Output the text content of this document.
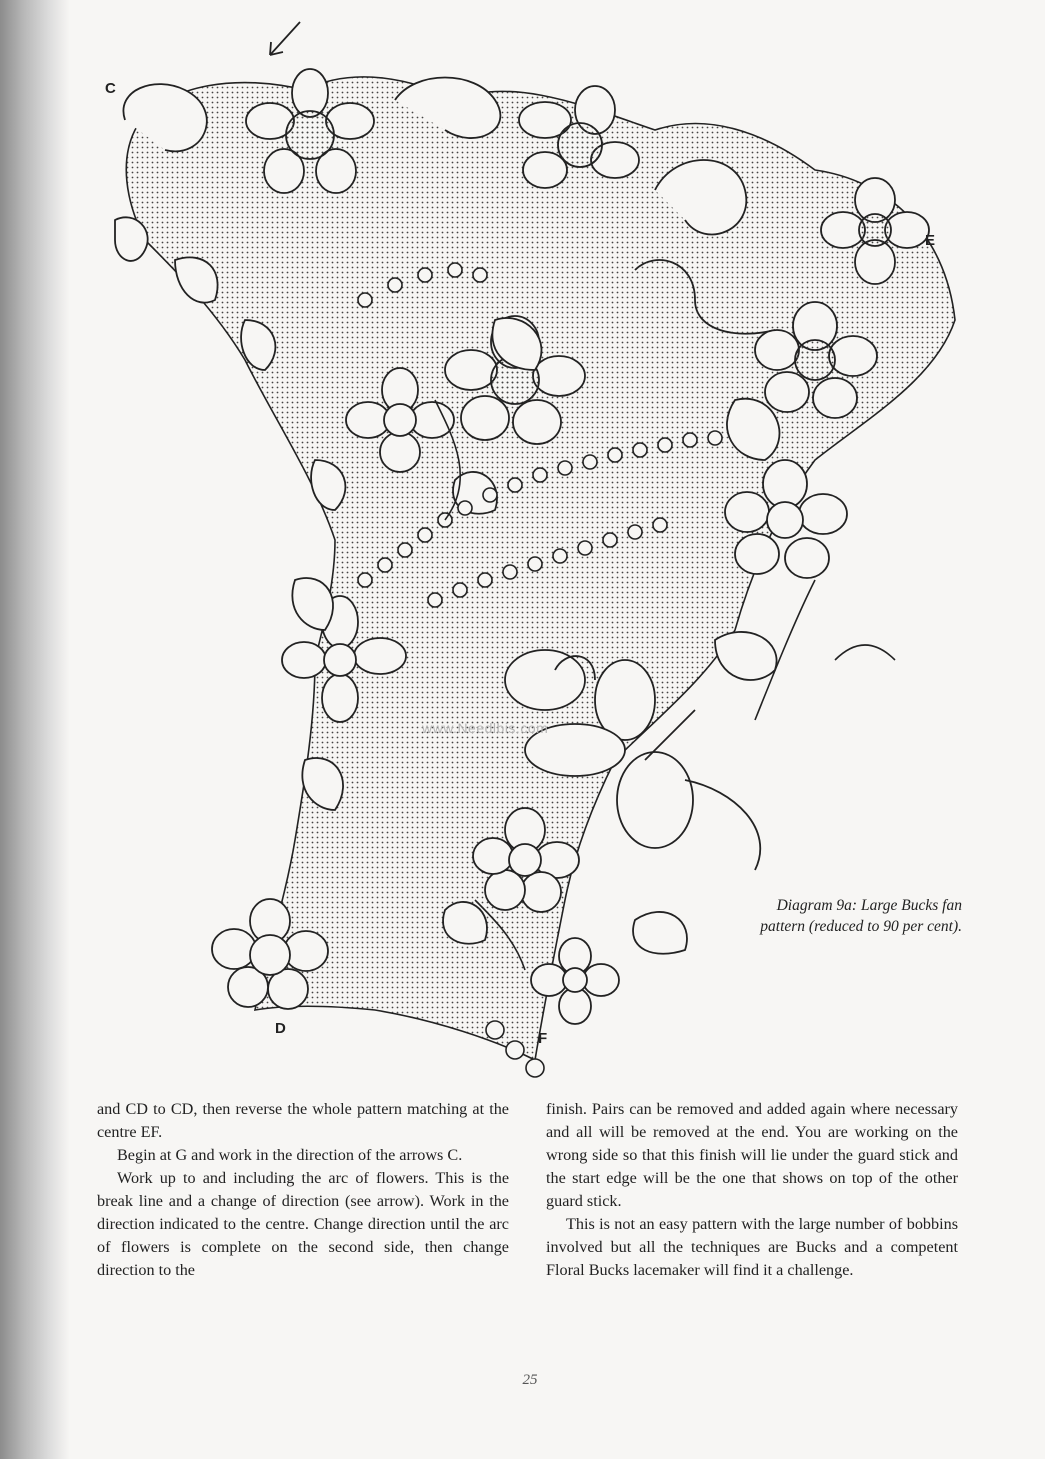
C
D
E
F
www.Needlbis.com
Diagram 9a: Large Bucks fan
pattern (reduced to 90 per cent).

and CD to CD, then reverse the whole pattern matching at the centre EF.

Begin at G and work in the direction of the arrows C.

Work up to and including the arc of flowers. This is the break line and a change of direction (see arrow). Work in the direction indicated to the centre. Change direction until the arc of flowers is complete on the second side, then change direction to the

finish. Pairs can be removed and added again where necessary and all will be removed at the end. You are working on the wrong side so that this finish will lie under the guard stick and the start edge will be the one that shows on top of the other guard stick.

This is not an easy pattern with the large number of bobbins involved but all the techniques are Bucks and a competent Floral Bucks lacemaker will find it a challenge.

25
